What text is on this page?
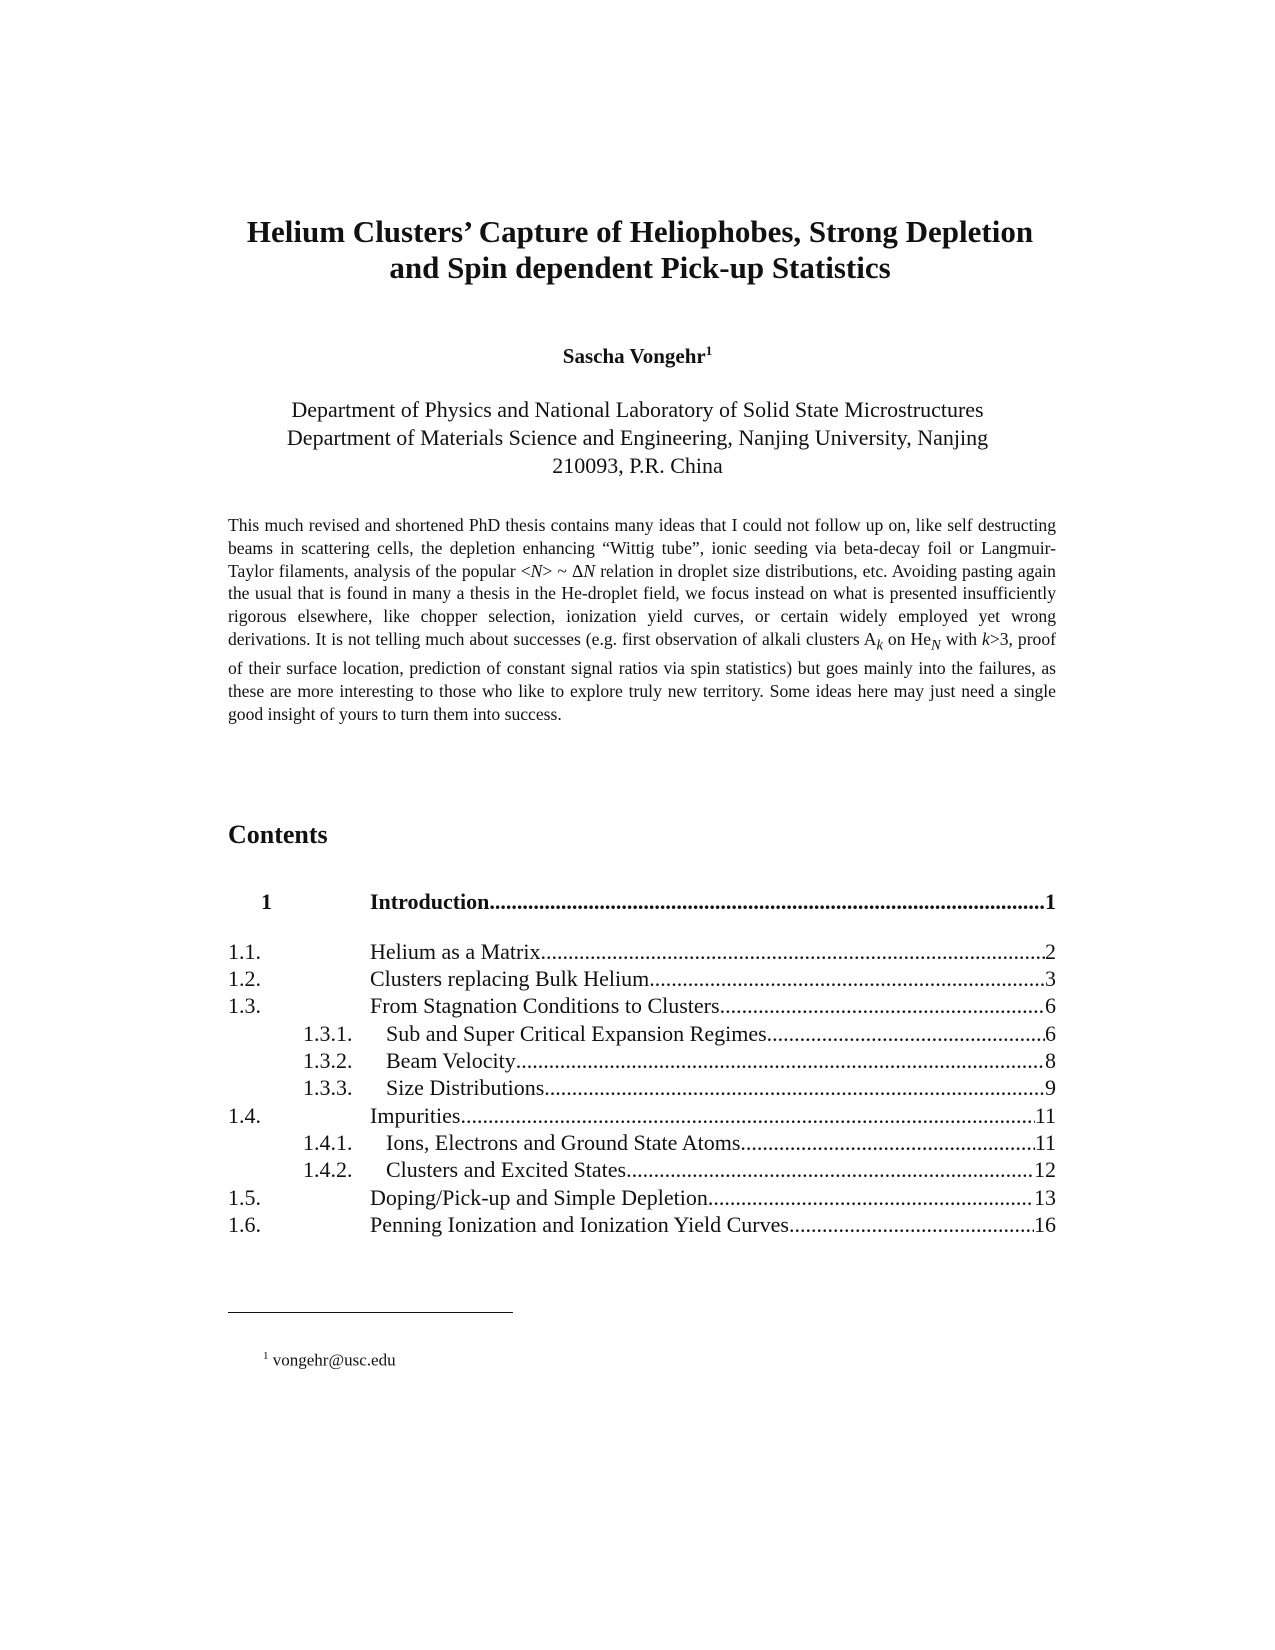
Helium Clusters’ Capture of Heliophobes, Strong Depletion
and Spin dependent Pick-up Statistics
Sascha Vongehr$^1$
Department of Physics and National Laboratory of Solid State Microstructures
Department of Materials Science and Engineering, Nanjing University, Nanjing
210093, P.R. China
This much revised and shortened PhD thesis contains many ideas that I could not follow up on, like self destructing beams in scattering cells, the depletion enhancing “Wittig tube”, ionic seeding via beta-decay foil or Langmuir-Taylor filaments, analysis of the popular <N> ~ ΔN relation in droplet size distributions, etc. Avoiding pasting again the usual that is found in many a thesis in the He-droplet field, we focus instead on what is presented insufficiently rigorous elsewhere, like chopper selection, ionization yield curves, or certain widely employed yet wrong derivations. It is not telling much about successes (e.g. first observation of alkali clusters $A_k$ on $He_N$ with k>3, proof of their surface location, prediction of constant signal ratios via spin statistics) but goes mainly into the failures, as these are more interesting to those who like to explore truly new territory. Some ideas here may just need a single good insight of yours to turn them into success.
Contents
1	Introduction .....	1
1.1.	Helium as a Matrix .....	2
1.2.	Clusters replacing Bulk Helium .....	3
1.3.	From Stagnation Conditions to Clusters .....	6
1.3.1. Sub and Super Critical Expansion Regimes .....	6
1.3.2. Beam Velocity .....	8
1.3.3. Size Distributions .....	9
1.4.	Impurities .....	11
1.4.1. Ions, Electrons and Ground State Atoms .....	11
1.4.2. Clusters and Excited States .....	12
1.5.	Doping/Pick-up and Simple Depletion .....	13
1.6.	Penning Ionization and Ionization Yield Curves .....	16
$^1$ vongehr@usc.edu
